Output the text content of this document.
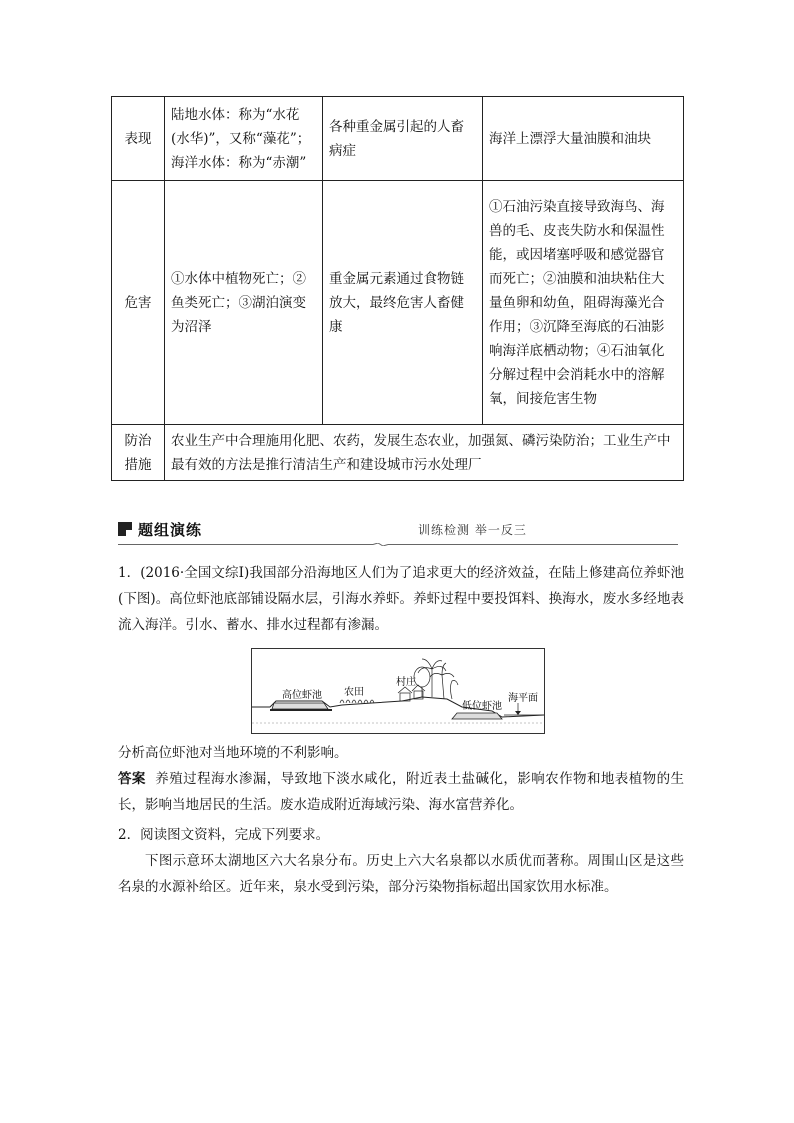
表现	陆地水体：称为“水花(水华)”，又称“藻花”；海洋水体：称为“赤潮”	各种重金属引起的人畜病症	海洋上漂浮大量油膜和油块
危害	①水体中植物死亡；②鱼类死亡；③湖泊演变为沼泽	重金属元素通过食物链放大，最终危害人畜健康	①石油污染直接导致海鸟、海兽的毛、皮丧失防水和保温性能，或因堵塞呼吸和感觉器官而死亡；②油膜和油块粘住大量鱼卵和幼鱼，阻碍海藻光合作用；③沉降至海底的石油影响海洋底栖动物；④石油氧化分解过程中会消耗水中的溶解氧，间接危害生物
防治措施	农业生产中合理施用化肥、农药，发展生态农业，加强氮、磷污染防治；工业生产中最有效的方法是推行清洁生产和建设城市污水处理厂		
题组演练	训练检测 举一反三
1．(2016·全国文综Ⅰ)我国部分沿海地区人们为了追求更大的经济效益，在陆上修建高位养虾池(下图)。高位虾池底部铺设隔水层，引海水养虾。养虾过程中要投饵料、换海水，废水多经地表流入海洋。引水、蓄水、排水过程都有渗漏。
高位虾池 农田
村庄
低位虾池
海平面
分析高位虾池对当地环境的不利影响。
答案 养殖过程海水渗漏，导致地下淡水咸化，附近表土盐碱化，影响农作物和地表植物的生长，影响当地居民的生活。废水造成附近海域污染、海水富营养化。
2．阅读图文资料，完成下列要求。
下图示意环太湖地区六大名泉分布。历史上六大名泉都以水质优而著称。周围山区是这些名泉的水源补给区。近年来，泉水受到污染，部分污染物指标超出国家饮用水标准。
